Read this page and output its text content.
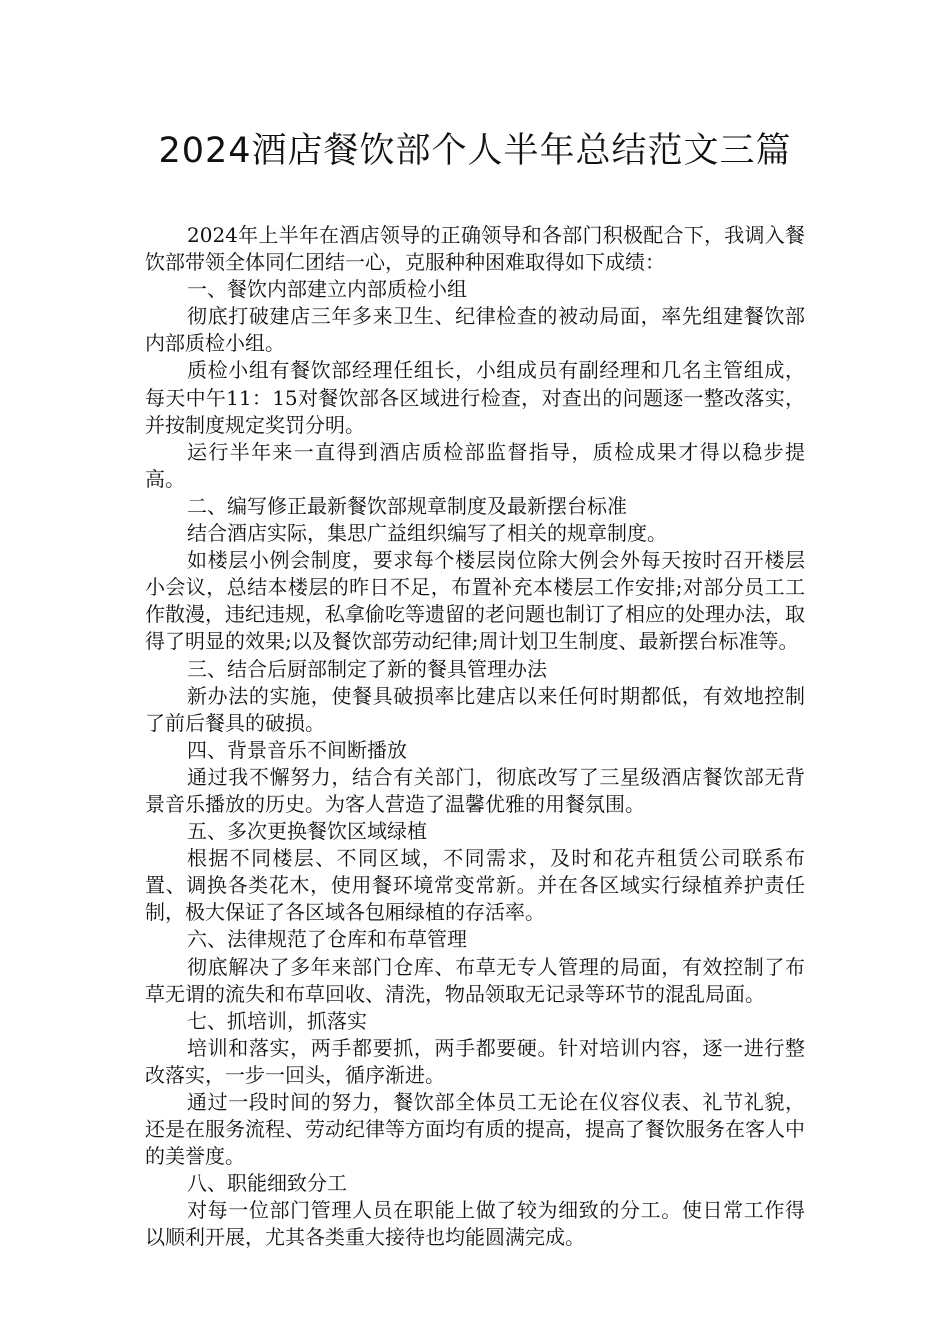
2024酒店餐饮部个人半年总结范文三篇

2024年上半年在酒店领导的正确领导和各部门积极配合下，我调入餐饮部带领全体同仁团结一心，克服种种困难取得如下成绩：

一、餐饮内部建立内部质检小组

彻底打破建店三年多来卫生、纪律检查的被动局面，率先组建餐饮部内部质检小组。

质检小组有餐饮部经理任组长，小组成员有副经理和几名主管组成，每天中午11：15对餐饮部各区域进行检查，对查出的问题逐一整改落实，并按制度规定奖罚分明。

运行半年来一直得到酒店质检部监督指导，质检成果才得以稳步提高。

二、编写修正最新餐饮部规章制度及最新摆台标准

结合酒店实际，集思广益组织编写了相关的规章制度。

如楼层小例会制度，要求每个楼层岗位除大例会外每天按时召开楼层小会议，总结本楼层的昨日不足，布置补充本楼层工作安排;对部分员工工作散漫，违纪违规，私拿偷吃等遗留的老问题也制订了相应的处理办法，取得了明显的效果;以及餐饮部劳动纪律;周计划卫生制度、最新摆台标准等。

三、结合后厨部制定了新的餐具管理办法

新办法的实施，使餐具破损率比建店以来任何时期都低，有效地控制了前后餐具的破损。

四、背景音乐不间断播放

通过我不懈努力，结合有关部门，彻底改写了三星级酒店餐饮部无背景音乐播放的历史。为客人营造了温馨优雅的用餐氛围。

五、多次更换餐饮区域绿植

根据不同楼层、不同区域，不同需求，及时和花卉租赁公司联系布置、调换各类花木，使用餐环境常变常新。并在各区域实行绿植养护责任制，极大保证了各区域各包厢绿植的存活率。

六、法律规范了仓库和布草管理

彻底解决了多年来部门仓库、布草无专人管理的局面，有效控制了布草无谓的流失和布草回收、清洗，物品领取无记录等环节的混乱局面。

七、抓培训，抓落实

培训和落实，两手都要抓，两手都要硬。针对培训内容，逐一进行整改落实，一步一回头，循序渐进。

通过一段时间的努力，餐饮部全体员工无论在仪容仪表、礼节礼貌，还是在服务流程、劳动纪律等方面均有质的提高，提高了餐饮服务在客人中的美誉度。

八、职能细致分工

对每一位部门管理人员在职能上做了较为细致的分工。使日常工作得以顺利开展，尤其各类重大接待也均能圆满完成。
